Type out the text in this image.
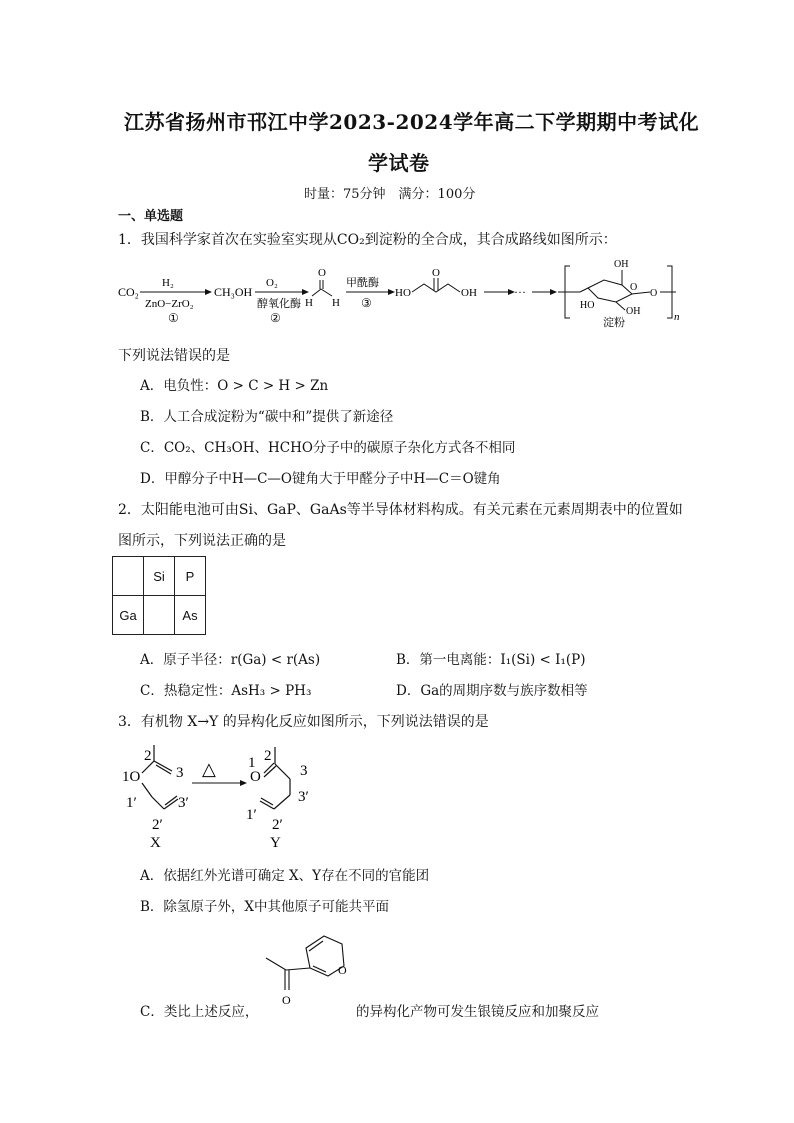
江苏省扬州市邗江中学2023-2024学年高二下学期期中考试化
学试卷
时量：75分钟　满分：100分
一、单选题
1．我国科学家首次在实验室实现从CO₂到淀粉的全合成，其合成路线如图所示：
CO₂
H₂
ZnO−ZrO₂
①
CH₃OH
O₂
醇氧化酶
②
O
H H
甲酰酶
③
HO
O
OH	···
OH
O
HO
OH
O
淀粉	n
下列说法错误的是
A．电负性：O > C > H > Zn
B．人工合成淀粉为“碳中和”提供了新途径
C．CO₂、CH₃OH、HCHO分子中的碳原子杂化方式各不相同
D．甲醇分子中H—C—O键角大于甲醛分子中H—C＝O键角
2．太阳能电池可由Si、GaP、GaAs等半导体材料构成。有关元素在元素周期表中的位置如
图所示，下列说法正确的是
	Si	P
Ga		As
A．原子半径：r(Ga) < r(As)	B．第一电离能：I₁(Si) < I₁(P)
C．热稳定性：AsH₃ > PH₃	D．Ga的周期序数与族序数相等
3．有机物 X→Y 的异构化反应如图所示，下列说法错误的是
1O
2
3
1′	3′
2′
X
△ 1
O
2
3
3′
1′
2′
Y
A．依据红外光谱可确定 X、Y存在不同的官能团
B．除氢原子外，X中其他原子可能共平面
O
O
C．类比上述反应，	的异构化产物可发生银镜反应和加聚反应
